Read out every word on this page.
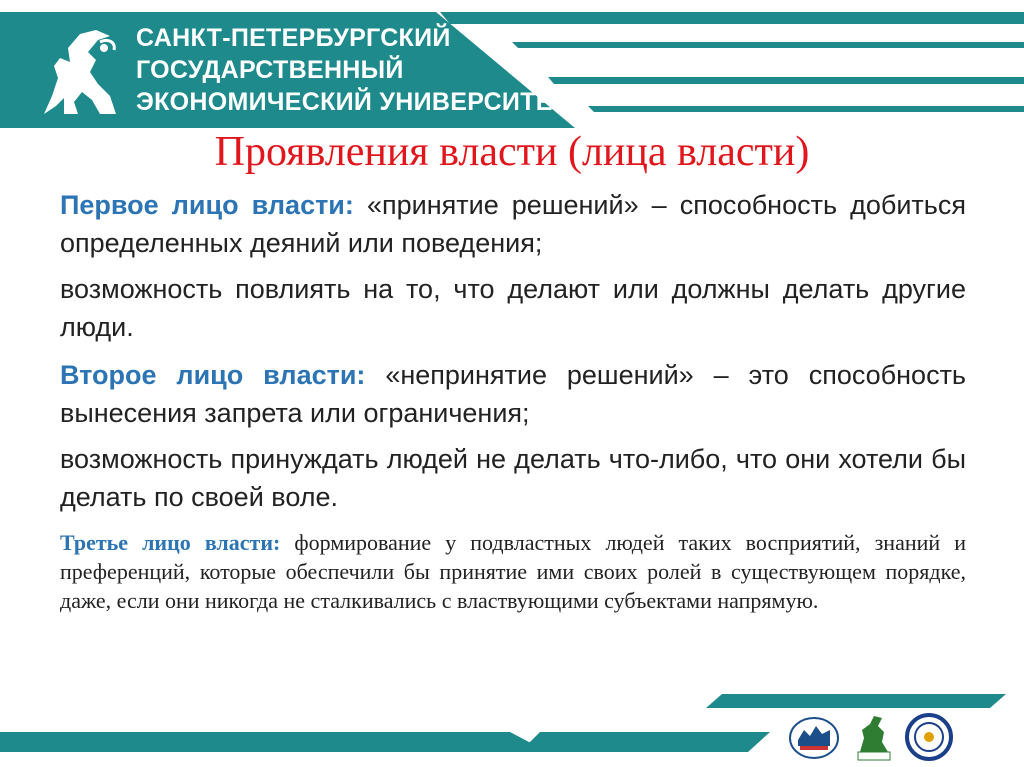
САНКТ-ПЕТЕРБУРГСКИЙ
ГОСУДАРСТВЕННЫЙ
ЭКОНОМИЧЕСКИЙ УНИВЕРСИТЕТ
Проявления власти (лица власти)

Первое лицо власти: «принятие решений» – способность добиться определенных деяний или поведения;

возможность повлиять на то, что делают или должны делать другие люди.

Второе лицо власти: «непринятие решений» – это способность вынесения запрета или ограничения;

возможность принуждать людей не делать что-либо, что они хотели бы делать по своей воле.

Третье лицо власти: формирование у подвластных людей таких восприятий, знаний и преференций, которые обеспечили бы принятие ими своих ролей в существующем порядке, даже, если они никогда не сталкивались с властвующими субъектами напрямую.
